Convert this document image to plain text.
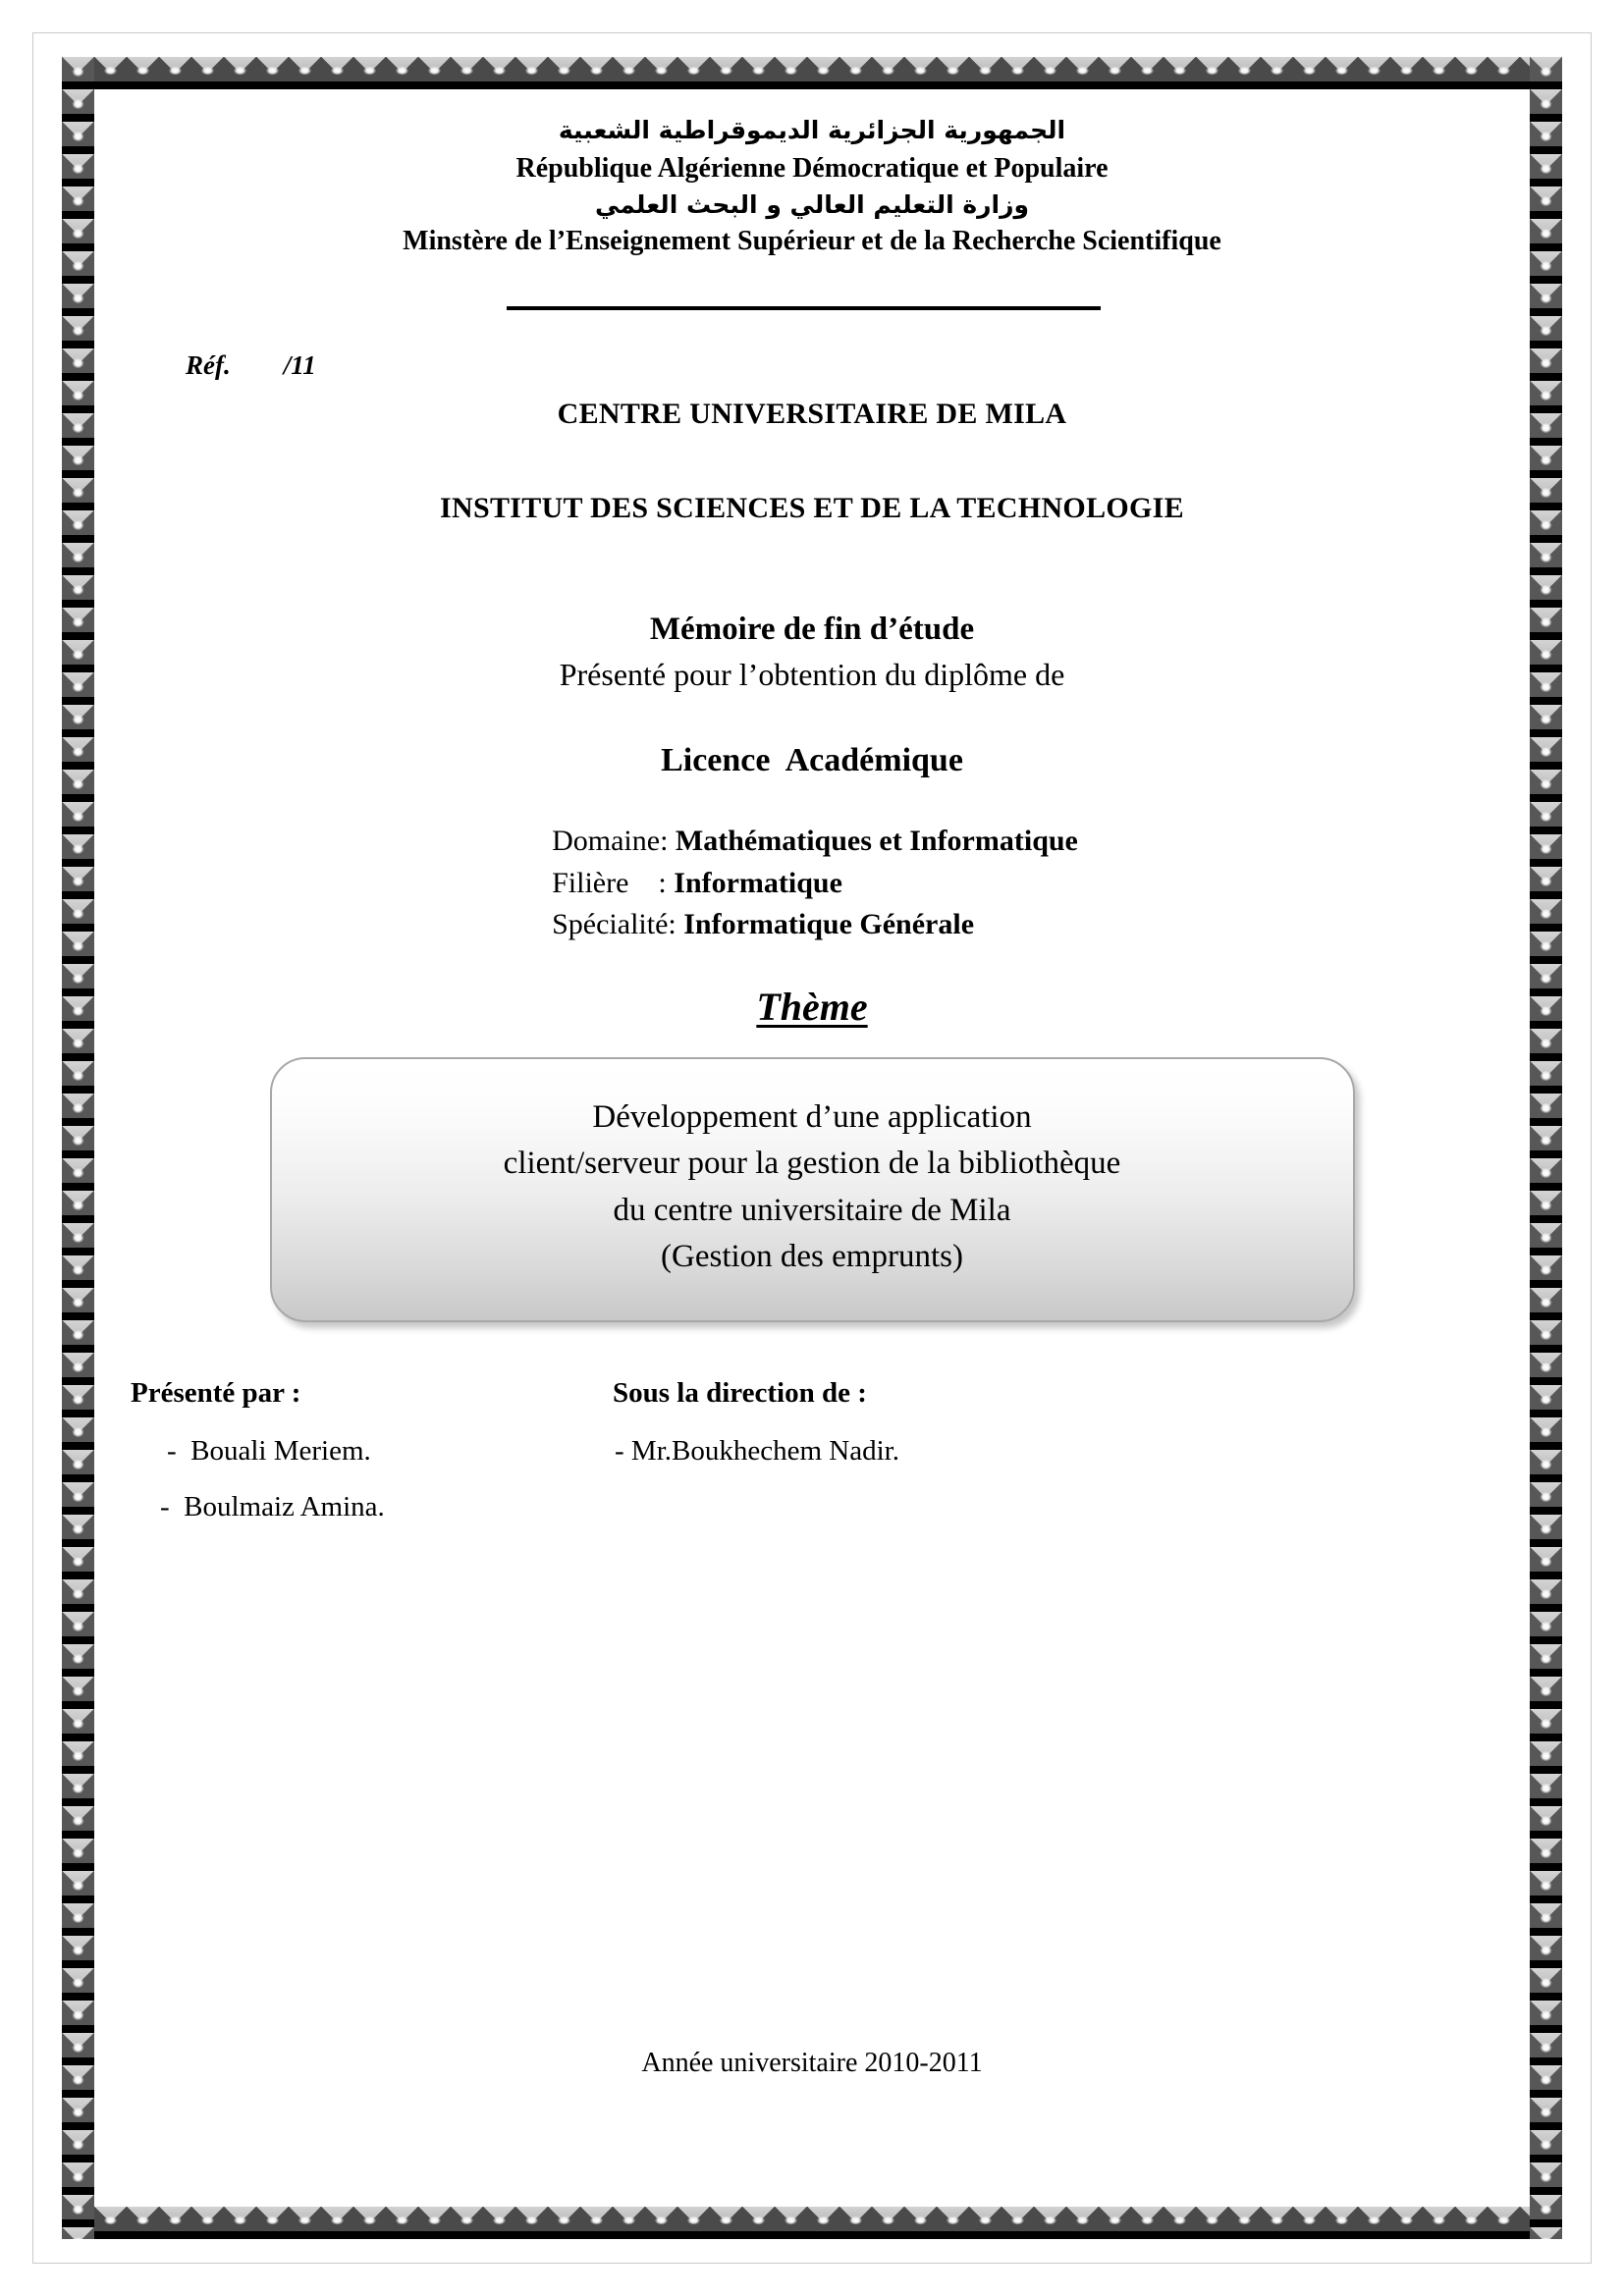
الجمهورية الجزائرية الديموقراطية الشعبية
République Algérienne Démocratique et Populaire
وزارة التعليم العالي و البحث العلمي
Minstère de l’Enseignement Supérieur et de la Recherche Scientifique
Réf.        /11
CENTRE UNIVERSITAIRE DE MILA
INSTITUT DES SCIENCES ET DE LA TECHNOLOGIE
Mémoire de fin d’étude
Présenté pour l’obtention du diplôme de
Licence  Académique
Domaine: Mathématiques et Informatique
Filière    : Informatique
Spécialité: Informatique Générale
Thème
Développement d’une application
client/serveur pour la gestion de la bibliothèque
du centre universitaire de Mila
(Gestion des emprunts)
Présenté par :
-  Bouali Meriem.
-  Boulmaiz Amina.
Sous la direction de :
- Mr.Boukhechem Nadir.
Année universitaire 2010-2011
